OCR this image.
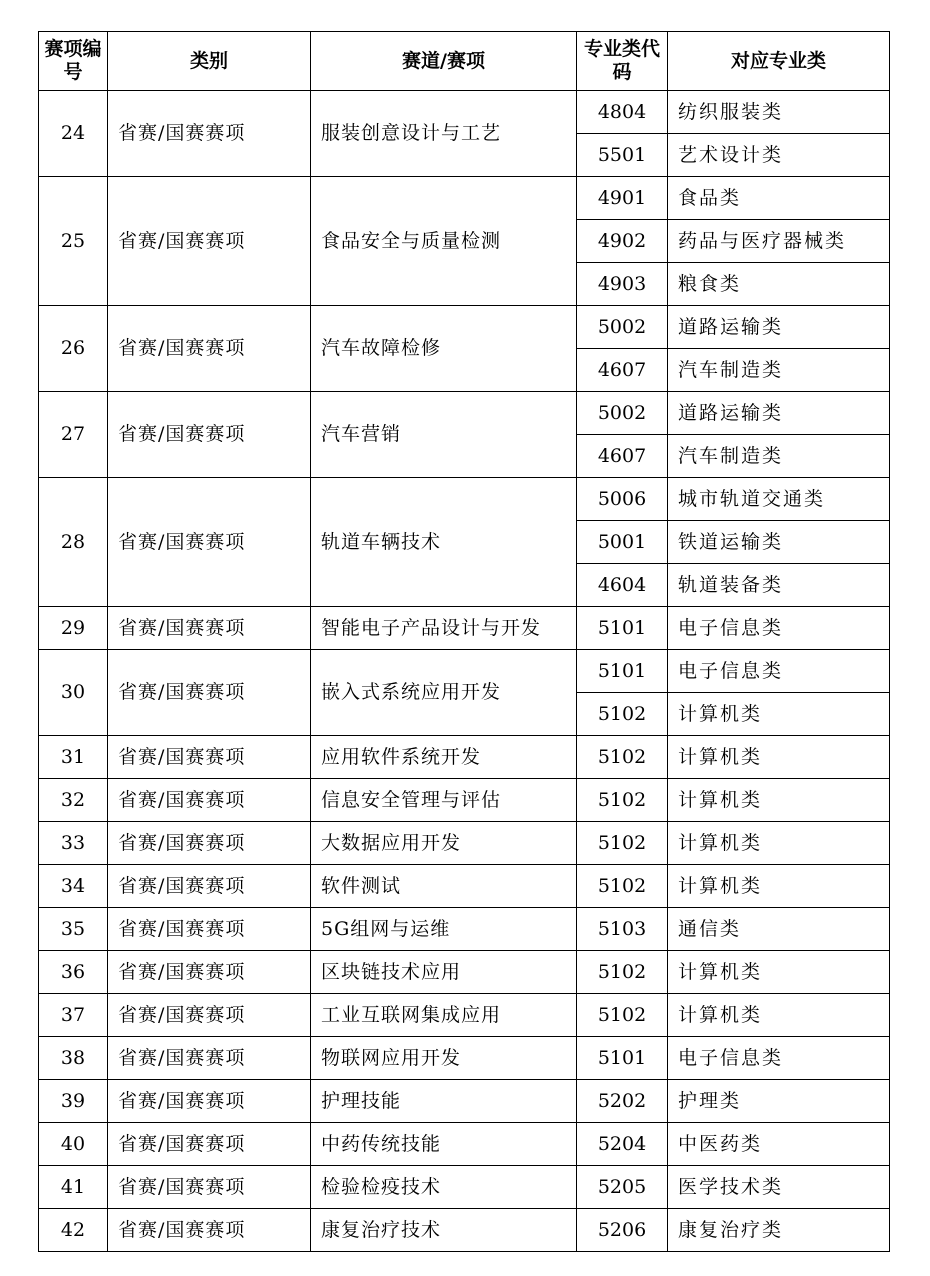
赛项编号	类别	赛道/赛项	专业类代码	对应专业类
24	省赛/国赛赛项	服装创意设计与工艺	4804	纺织服装类
			5501	艺术设计类
25	省赛/国赛赛项	食品安全与质量检测	4901	食品类
			4902	药品与医疗器械类
			4903	粮食类
26	省赛/国赛赛项	汽车故障检修	5002	道路运输类
			4607	汽车制造类
27	省赛/国赛赛项	汽车营销	5002	道路运输类
			4607	汽车制造类
28	省赛/国赛赛项	轨道车辆技术	5006	城市轨道交通类
			5001	铁道运输类
			4604	轨道装备类
29	省赛/国赛赛项	智能电子产品设计与开发	5101	电子信息类
30	省赛/国赛赛项	嵌入式系统应用开发	5101	电子信息类
			5102	计算机类
31	省赛/国赛赛项	应用软件系统开发	5102	计算机类
32	省赛/国赛赛项	信息安全管理与评估	5102	计算机类
33	省赛/国赛赛项	大数据应用开发	5102	计算机类
34	省赛/国赛赛项	软件测试	5102	计算机类
35	省赛/国赛赛项	5G组网与运维	5103	通信类
36	省赛/国赛赛项	区块链技术应用	5102	计算机类
37	省赛/国赛赛项	工业互联网集成应用	5102	计算机类
38	省赛/国赛赛项	物联网应用开发	5101	电子信息类
39	省赛/国赛赛项	护理技能	5202	护理类
40	省赛/国赛赛项	中药传统技能	5204	中医药类
41	省赛/国赛赛项	检验检疫技术	5205	医学技术类
42	省赛/国赛赛项	康复治疗技术	5206	康复治疗类
